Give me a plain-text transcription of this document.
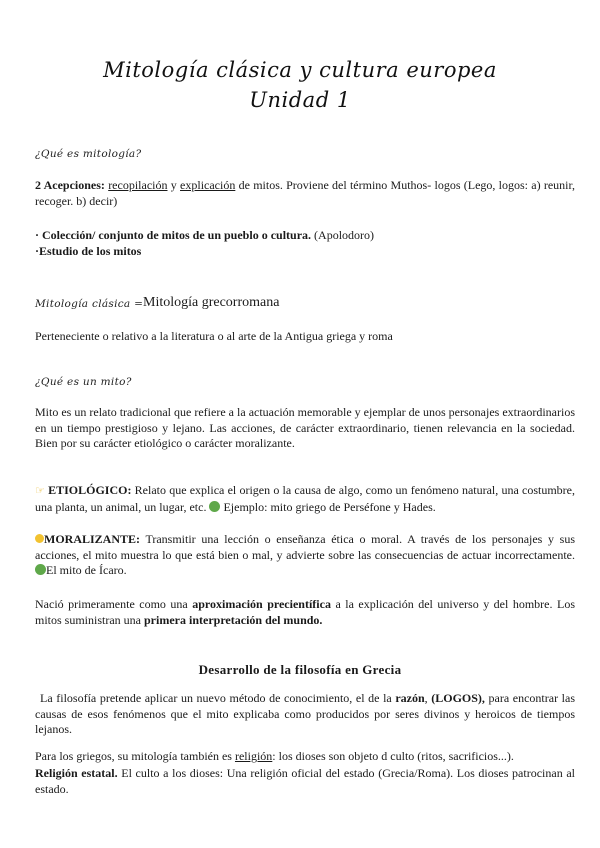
Mitología clásica y cultura europea
Unidad 1
¿Qué es mitología?
2 Acepciones: recopilación y explicación de mitos. Proviene del término Muthos- logos (Lego, logos: a) reunir, recoger. b) decir)
· Colección/ conjunto de mitos de un pueblo o cultura. (Apolodoro)
·Estudio de los mitos
Mitología clásica = Mitología grecorromana
Perteneciente o relativo a la literatura o al arte de la Antigua griega y roma
¿Qué es un mito?
Mito es un relato tradicional que refiere a la actuación memorable y ejemplar de unos personajes extraordinarios en un tiempo prestigioso y lejano. Las acciones, de carácter extraordinario, tienen relevancia en la sociedad. Bien por su carácter etiológico o carácter moralizante.
☞ ETIOLÓGICO: Relato que explica el origen o la causa de algo, como un fenómeno natural, una costumbre, una planta, un animal, un lugar, etc.  Ejemplo: mito griego de Perséfone y Hades.
MORALIZANTE: Transmitir una lección o enseñanza ética o moral. A través de los personajes y sus acciones, el mito muestra lo que está bien o mal, y advierte sobre las consecuencias de actuar incorrectamente. El mito de Ícaro.
Nació primeramente como una aproximación precientífica a la explicación del universo y del hombre. Los mitos suministran una primera interpretación del mundo.
Desarrollo de la filosofía en Grecia
La filosofía pretende aplicar un nuevo método de conocimiento, el de la razón, (LOGOS), para encontrar las causas de esos fenómenos que el mito explicaba como producidos por seres divinos y heroicos de tiempos lejanos.
Para los griegos, su mitología también es religión: los dioses son objeto d culto (ritos, sacrificios...).
Religión estatal. El culto a los dioses: Una religión oficial del estado (Grecia/Roma). Los dioses patrocinan al estado.
